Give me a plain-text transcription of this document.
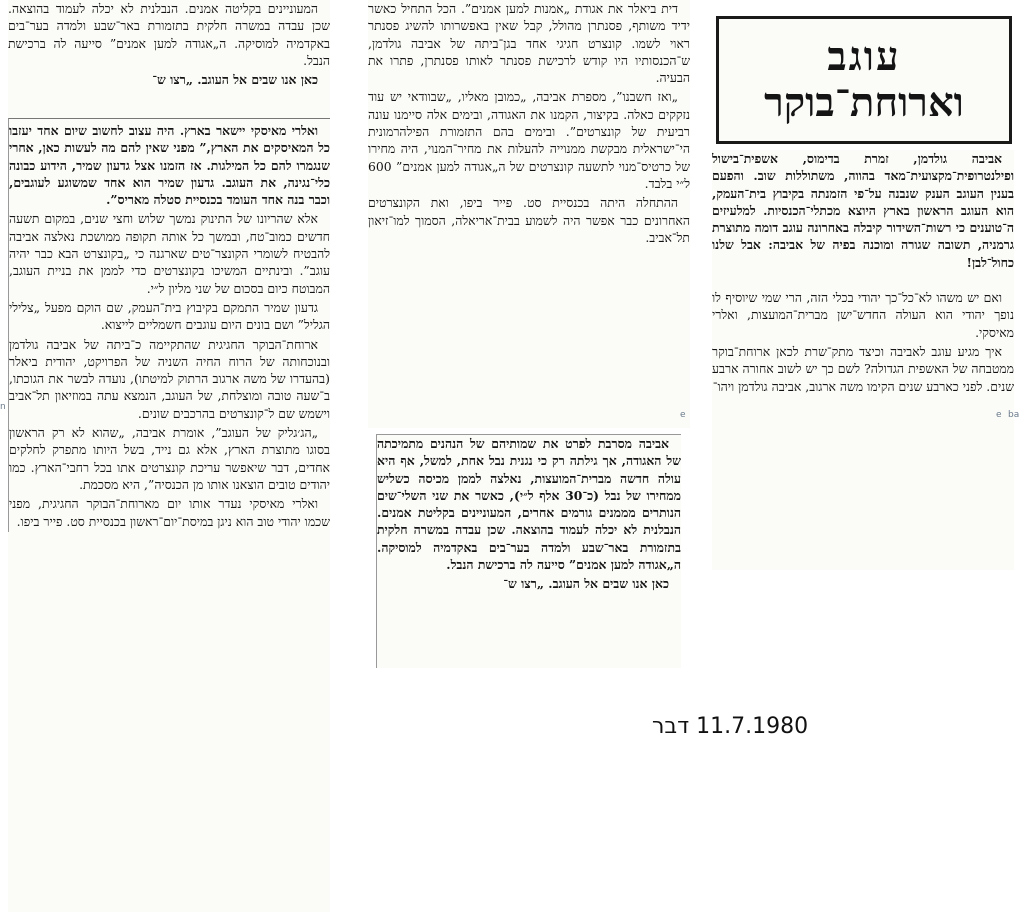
המעוניינים בקליטה אמנים. הנבלנית לא יכלה לעמוד בהוצאה. שכן עבדה במשרה חלקית בתזמורת באר־שבע ולמדה בער־בים באקדמיה למוסיקה. ה„אגודה למען אמנים” סייעה לה ברכישת הנבל.

כאן אנו שבים אל העוגב. „רצו ש־

ואלרי מאיסקי יישאר בארץ. היה עצוב לחשוב שיום אחד יעזבו כל המאיסקים את הארץ,” מפני שאין להם מה לעשות כאן, אחרי שנגמרו להם כל המילגות. אז הזמנו אצל גדעון שמיר, הידוע כבונה כלי־נגינה, את העוגב. גדעון שמיר הוא אחד שמשוגע לעוגבים, וכבר בנה אחד העומד בכנסיית סטלה מאריס”.

אלא שהריונו של התינוק נמשך שלוש וחצי שנים, במקום תשעה חדשים כמוב־טח, ובמשך כל אותה תקופה ממושכת נאלצה אביבה להבטיח לשומרי הקונצר־טים שארגנה כי „בקונצרט הבא כבר יהיה עוגב”. ובינתיים המשיכו בקונצרטים כדי לממן את בניית העוגב, המבוטח כיום בסכום של שני מליון ל״י.

גדעון שמיר התמקם בקיבוץ בית־העמק, שם הוקם מפעל „צלילי הגליל” ושם בונים היום עוגבים חשמליים לייצוא.

ארוחת־הבוקר החגיגית שהתקיימה כ־ביתה של אביבה גולדמן ובנוכחותה של הרוח החיה השניה של הפרויקט, יהודית ביאלר (בהעדרו של משה ארגוב הרתוק למיטתו), נועדה לבשר את הגוכתו, ב־שעה טובה ומוצלחת, של העוגב, הנמצא עתה במוזיאון תל־אביב וישמש שם ל־קונצרטים בהרכבים שונים.

„הג׳גליק של העוגב”, אומרת אביבה, „שהוא לא רק הראשון בסוגו מתוצרת הארץ, אלא גם נייד, בשל היותו מתפרק לחלקים אחדים, דבר שיאפשר עריכת קונצרטים אתו בכל רחבי־הארץ. כמו יהודים טובים הוצאנו אותו מן הכנסיה”, היא מסכמת.

ואלרי מאיסקי נעדר אותו יום מארוחת־הבוקר החגיגית, מפני שכמו יהודי טוב הוא ניגן במיסת־יום־ראשון בכנסיית סט. פייר ביפו.

דית ביאלר את אגודת „אמנות למען אמנים”. הכל התחיל כאשר ידיד משותף, פסנתרן מהולל, קבל שאין באפשרותו להשיג פסנתר ראוי לשמו. קונצרט חגיגי אחד בגן־ביתה של אביבה גולדמן, ש־הכנסותיו היו קודש לרכישת פסנתר לאותו פסנתרן, פתרו את הבעיה.

„ואז חשבנו”, מספרת אביבה, „כמובן מאליו, „שבוודאי יש עוד נזקקים כאלה. בקיצור, הקמנו את האגודה, ובימים אלה סיימנו עונה רביעית של קונצרטים”. ובימים בהם התזמורת הפילהרמונית הי־ישראלית מבקשת ממנוייה להעלות את מחיר־המנוי, היה מחירו של כרטיס־מנוי לתשעה קונצרטים של ה„אגודה למען אמנים” 600 ל״י בלבד.

ההתחלה היתה בכנסיית סט. פייר ביפו, ואת הקונצרטים האחרונים כבר אפשר היה לשמוע בבית־אריאלה, הסמוך למו־זיאון תל־אביב.

אביבה מסרבת לפרט את שמותיהם של הנהנים מתמיכתה של האגודה, אך גילתה רק כי נגנית נבל אחת, למשל, אף היא עולה חדשה מברית־המועצות, נאלצה לממן מכיסה כשליש ממחירו של נבל (כ־30 אלף ל״י), כאשר את שני השלי־שים הנותרים מממנים גורמים אחרים, המעוניינים בקליטת אמנים. הנבלנית לא יכלה לעמוד בהוצאה. שכן עבדה במשרה חלקית בתזמורת באר־שבע ולמדה בער־בים באקדמיה למוסיקה. ה„אגודה למען אמנים” סייעה לה ברכישת הנבל.

כאן אנו שבים אל העוגב. „רצו ש־

עוגב
וארוחת־בוקר

אביבה גולדמן, זמרת בדימוס, אשפית־בישול ופילנטרופית־מקצועית־מאד בהווה, משתוללות שוב. והפעם בענין העוגב הענק שנבנה על־פי הזמנתה בקיבוץ בית־העמק, הוא העוגב הראשון בארץ היוצא מכתלי־הכנסיות. למלעיזים ה־טוענים כי רשות־השידור קיבלה באחרונה עוגב דומה מתוצרת גרמניה, תשובה שגורה ומוכנה בפיה של אביבה: אבל שלנו כחול־לבן!

ואם יש משהו לא־כל־כך יהודי בכלי הזה, הרי שמי שיוסיף לו נופך יהודי הוא העולה החדש־ישן מברית־המועצות, ואלרי מאיסקי.

איך מגיע עוגב לאביבה וכיצד מתק־שרת לכאן ארוחת־בוקר ממטבחה של האשפית הגדולה? לשם כך יש לשוב אחורה ארבע שנים. לפני כארבע שנים הקימו משה ארגוב, אביבה גולדמן ויהו־

11.7.1980 דבר
e	ba
n
e
